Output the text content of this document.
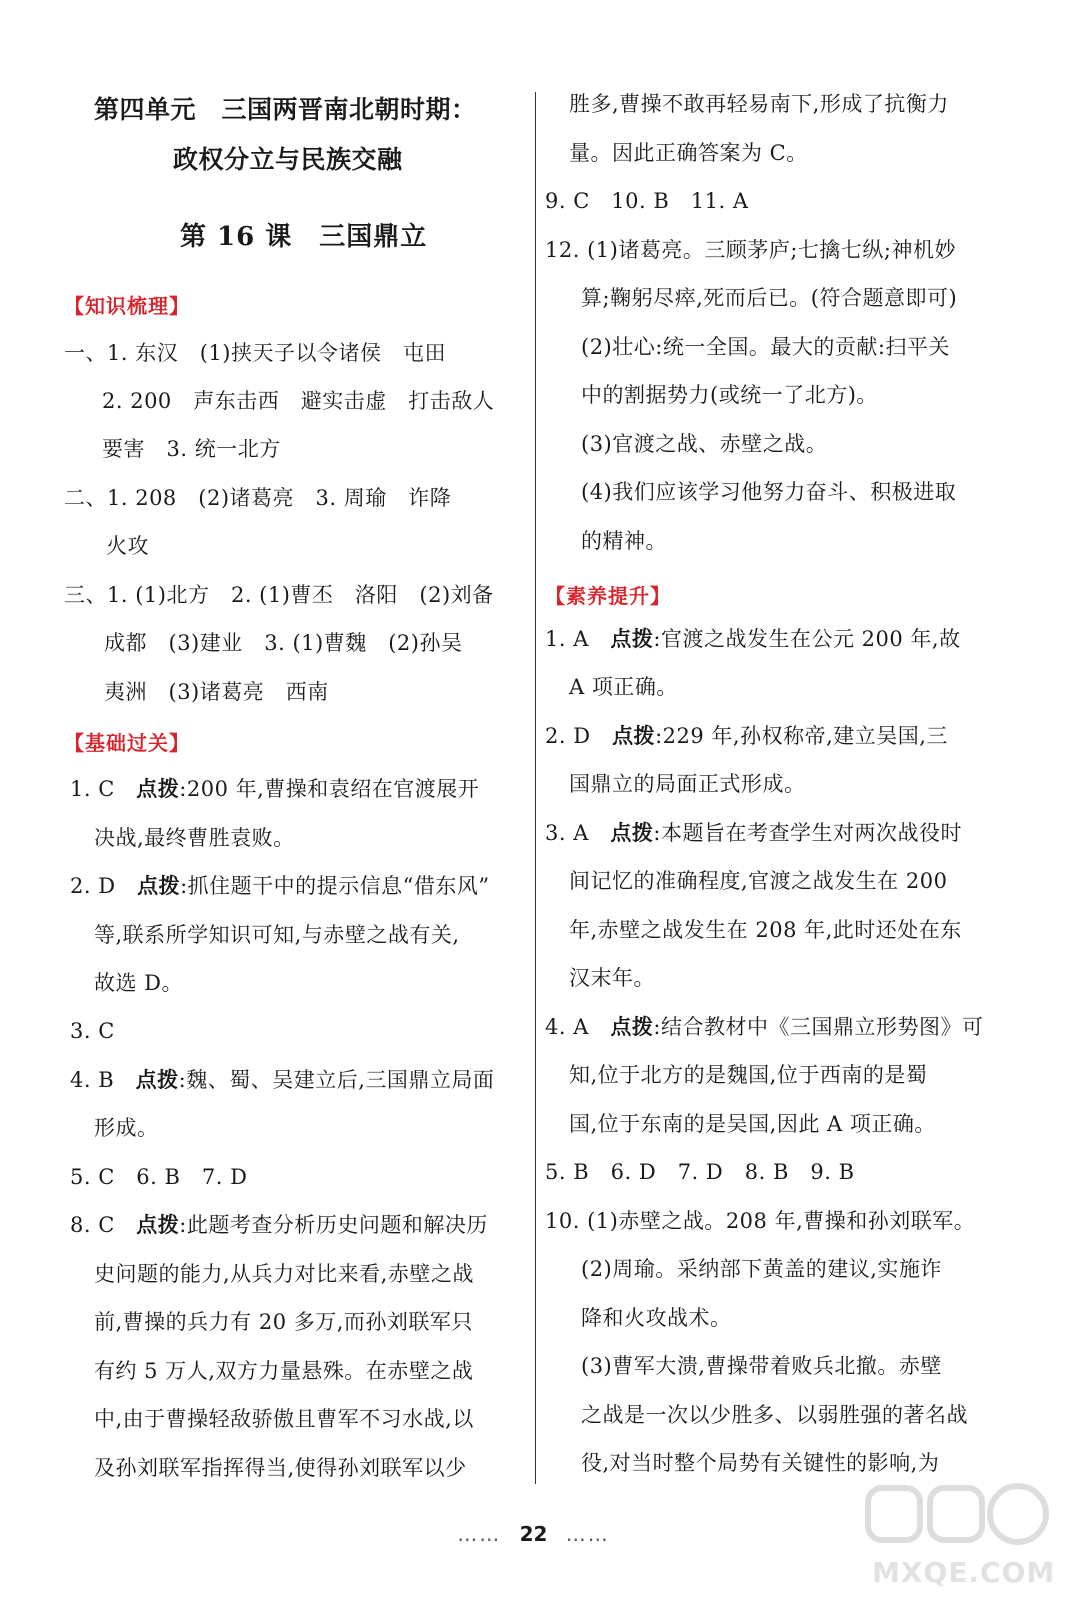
第四单元　三国两晋南北朝时期：
政权分立与民族交融
第 16 课　三国鼎立
【知识梳理】
一、1. 东汉　(1)挟天子以令诸侯　屯田
2. 200　声东击西　避实击虚　打击敌人
要害　3. 统一北方
二、1. 208　(2)诸葛亮　3. 周瑜　诈降
火攻
三、1. (1)北方　2. (1)曹丕　洛阳　(2)刘备
成都　(3)建业　3. (1)曹魏　(2)孙吴
夷洲　(3)诸葛亮　西南
【基础过关】
1. C　点拨:200 年,曹操和袁绍在官渡展开
决战,最终曹胜袁败。
2. D　点拨:抓住题干中的提示信息“借东风”
等,联系所学知识可知,与赤壁之战有关,
故选 D。
3. C
4. B　点拨:魏、蜀、吴建立后,三国鼎立局面
形成。
5. C　6. B　7. D
8. C　点拨:此题考查分析历史问题和解决历
史问题的能力,从兵力对比来看,赤壁之战
前,曹操的兵力有 20 多万,而孙刘联军只
有约 5 万人,双方力量悬殊。在赤壁之战
中,由于曹操轻敌骄傲且曹军不习水战,以
及孙刘联军指挥得当,使得孙刘联军以少
胜多,曹操不敢再轻易南下,形成了抗衡力
量。因此正确答案为 C。
9. C　10. B　11. A
12. (1)诸葛亮。三顾茅庐;七擒七纵;神机妙
算;鞠躬尽瘁,死而后已。(符合题意即可)
(2)壮心:统一全国。最大的贡献:扫平关
中的割据势力(或统一了北方)。
(3)官渡之战、赤壁之战。
(4)我们应该学习他努力奋斗、积极进取
的精神。
【素养提升】
1. A　点拨:官渡之战发生在公元 200 年,故
A 项正确。
2. D　点拨:229 年,孙权称帝,建立吴国,三
国鼎立的局面正式形成。
3. A　点拨:本题旨在考查学生对两次战役时
间记忆的准确程度,官渡之战发生在 200
年,赤壁之战发生在 208 年,此时还处在东
汉末年。
4. A　点拨:结合教材中《三国鼎立形势图》可
知,位于北方的是魏国,位于西南的是蜀
国,位于东南的是吴国,因此 A 项正确。
5. B　6. D　7. D　8. B　9. B
10. (1)赤壁之战。208 年,曹操和孙刘联军。
(2)周瑜。采纳部下黄盖的建议,实施诈
降和火攻战术。
(3)曹军大溃,曹操带着败兵北撤。赤壁
之战是一次以少胜多、以弱胜强的著名战
役,对当时整个局势有关键性的影响,为
…… 22 ……
MXQE.COM
